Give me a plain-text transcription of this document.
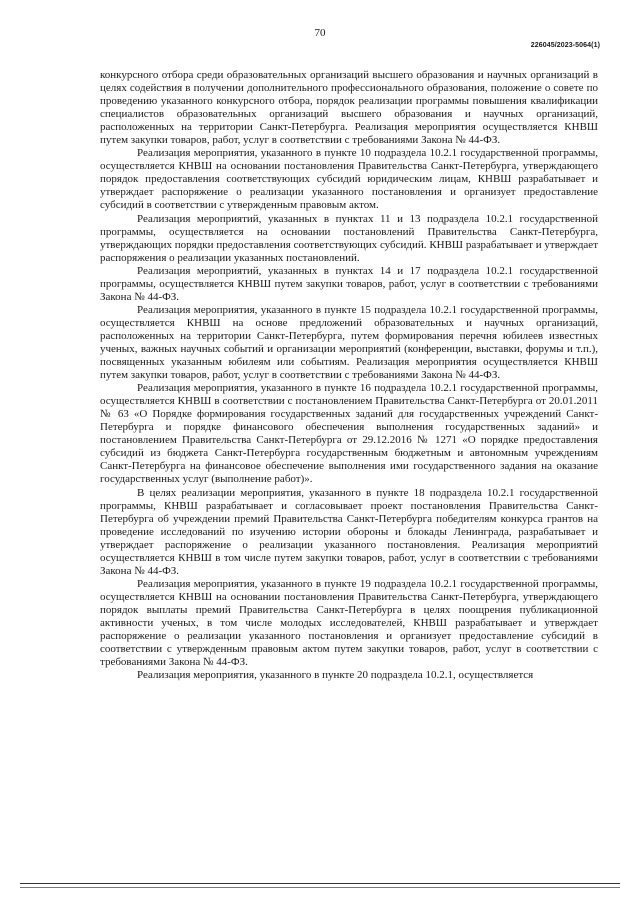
70
226045/2023-5064(1)

конкурсного отбора среди образовательных организаций высшего образования и научных организаций в целях содействия в получении дополнительного профессионального образования, положение о совете по проведению указанного конкурсного отбора, порядок реализации программы повышения квалификации специалистов образовательных организаций высшего образования и научных организаций, расположенных на территории Санкт-Петербурга. Реализация мероприятия осуществляется КНВШ путем закупки товаров, работ, услуг в соответствии с требованиями Закона № 44-ФЗ.

Реализация мероприятия, указанного в пункте 10 подраздела 10.2.1 государственной программы, осуществляется КНВШ на основании постановления Правительства Санкт-Петербурга, утверждающего порядок предоставления соответствующих субсидий юридическим лицам, КНВШ разрабатывает и утверждает распоряжение о реализации указанного постановления и организует предоставление субсидий в соответствии с утвержденным правовым актом.

Реализация мероприятий, указанных в пунктах 11 и 13 подраздела 10.2.1 государственной программы, осуществляется на основании постановлений Правительства Санкт-Петербурга, утверждающих порядки предоставления соответствующих субсидий. КНВШ разрабатывает и утверждает распоряжения о реализации указанных постановлений.

Реализация мероприятий, указанных в пунктах 14 и 17 подраздела 10.2.1 государственной программы, осуществляется КНВШ путем закупки товаров, работ, услуг в соответствии с требованиями Закона № 44-ФЗ.

Реализация мероприятия, указанного в пункте 15 подраздела 10.2.1 государственной программы, осуществляется КНВШ на основе предложений образовательных и научных организаций, расположенных на территории Санкт-Петербурга, путем формирования перечня юбилеев известных ученых, важных научных событий и организации мероприятий (конференции, выставки, форумы и т.п.), посвященных указанным юбилеям или событиям. Реализация мероприятия осуществляется КНВШ путем закупки товаров, работ, услуг в соответствии с требованиями Закона № 44-ФЗ.

Реализация мероприятия, указанного в пункте 16 подраздела 10.2.1 государственной программы, осуществляется КНВШ в соответствии с постановлением Правительства Санкт-Петербурга от 20.01.2011 № 63 «О Порядке формирования государственных заданий для государственных учреждений Санкт-Петербурга и порядке финансового обеспечения выполнения государственных заданий» и постановлением Правительства Санкт-Петербурга от 29.12.2016 № 1271 «О порядке предоставления субсидий из бюджета Санкт-Петербурга государственным бюджетным и автономным учреждениям Санкт-Петербурга на финансовое обеспечение выполнения ими государственного задания на оказание государственных услуг (выполнение работ)».

В целях реализации мероприятия, указанного в пункте 18 подраздела 10.2.1 государственной программы, КНВШ разрабатывает и согласовывает проект постановления Правительства Санкт-Петербурга об учреждении премий Правительства Санкт-Петербурга победителям конкурса грантов на проведение исследований по изучению истории обороны и блокады Ленинграда, разрабатывает и утверждает распоряжение о реализации указанного постановления. Реализация мероприятий осуществляется КНВШ в том числе путем закупки товаров, работ, услуг в соответствии с требованиями Закона № 44-ФЗ.

Реализация мероприятия, указанного в пункте 19 подраздела 10.2.1 государственной программы, осуществляется КНВШ на основании постановления Правительства Санкт-Петербурга, утверждающего порядок выплаты премий Правительства Санкт-Петербурга в целях поощрения публикационной активности ученых, в том числе молодых исследователей, КНВШ разрабатывает и утверждает распоряжение о реализации указанного постановления и организует предоставление субсидий в соответствии с утвержденным правовым актом путем закупки товаров, работ, услуг в соответствии с требованиями Закона № 44-ФЗ.

Реализация мероприятия, указанного в пункте 20 подраздела 10.2.1, осуществляется
